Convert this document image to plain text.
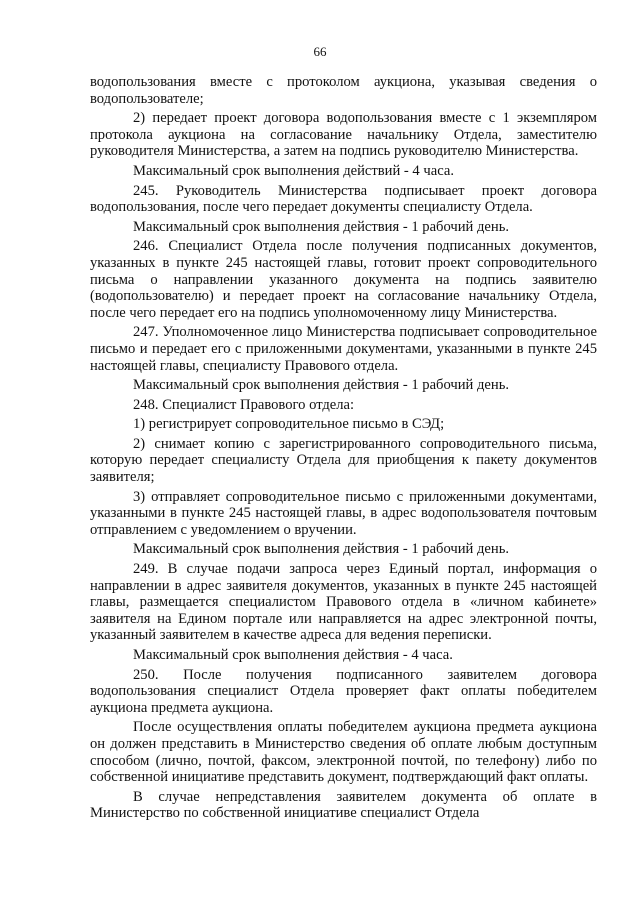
66

водопользования вместе с протоколом аукциона, указывая сведения о водопользователе;

2) передает проект договора водопользования вместе с 1 экземпляром протокола аукциона на согласование начальнику Отдела, заместителю руководителя Министерства, а затем на подпись руководителю Министерства.

Максимальный срок выполнения действий - 4 часа.

245. Руководитель Министерства подписывает проект договора водопользования, после чего передает документы специалисту Отдела.

Максимальный срок выполнения действия - 1 рабочий день.

246. Специалист Отдела после получения подписанных документов, указанных в пункте 245 настоящей главы, готовит проект сопроводительного письма о направлении указанного документа на подпись заявителю (водопользователю) и передает проект на согласование начальнику Отдела, после чего передает его на подпись уполномоченному лицу Министерства.

247. Уполномоченное лицо Министерства подписывает сопроводительное письмо и передает его с приложенными документами, указанными в пункте 245 настоящей главы, специалисту Правового отдела.

Максимальный срок выполнения действия - 1 рабочий день.

248. Специалист Правового отдела:

1) регистрирует сопроводительное письмо в СЭД;

2) снимает копию с зарегистрированного сопроводительного письма, которую передает специалисту Отдела для приобщения к пакету документов заявителя;

3) отправляет сопроводительное письмо с приложенными документами, указанными в пункте 245 настоящей главы, в адрес водопользователя почтовым отправлением с уведомлением о вручении.

Максимальный срок выполнения действия - 1 рабочий день.

249. В случае подачи запроса через Единый портал, информация о направлении в адрес заявителя документов, указанных в пункте 245 настоящей главы, размещается специалистом Правового отдела в «личном кабинете» заявителя на Едином портале или направляется на адрес электронной почты, указанный заявителем в качестве адреса для ведения переписки.

Максимальный срок выполнения действия - 4 часа.

250. После получения подписанного заявителем договора водопользования специалист Отдела проверяет факт оплаты победителем аукциона предмета аукциона.

После осуществления оплаты победителем аукциона предмета аукциона он должен представить в Министерство сведения об оплате любым доступным способом (лично, почтой, факсом, электронной почтой, по телефону) либо по собственной инициативе представить документ, подтверждающий факт оплаты.

В случае непредставления заявителем документа об оплате в Министерство по собственной инициативе специалист Отдела
